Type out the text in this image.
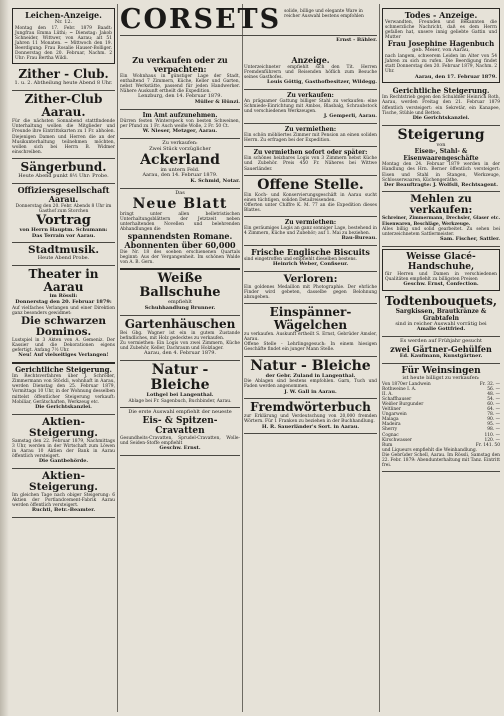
Leichen-Anzeige.
Nr. 12.
Montag den 17. Febr. 1879 Baadt: Jungfrau Emma Lüthi; ~ Dienstag: Jakob Schneider, Wittwer, von Aarau; alt 51 Jahren 11 Monaten. ~ Mittwoch den 19. Beerdigung: Frau Rosalie Hauser-Bolliger. Donnerstag den 20. Februar, Nachm. 2 Uhr: Frau Bertha Wildi.
Zither - Club.
1. u. 2. Abtheilung heute Abend 8 Uhr.
Zither-Club Aarau.
Für die nächsten Sonnabend stattfindende Unterhaltung wollen die Mitglieder und Freunde ihre Eintrittskarten zu 1 Fr. abholen. Diejenigen Damen und Herren die an der Musikunterhaltung teilnehmen möchten, wollen sich bei Herrn B. Widmer einschreiben.
Sängerbund.
Heute Abend punkt 8½ Uhr: Probe.
Offiziersgesellschaft Aarau.
Donnerstag den 20. Febr. Abends 8 Uhr im Gasthof zum Storchen
Vortrag
von Herrn Hauptm. Schumann:
Das Terrain vor Aarau.
Stadtmusik.
Heute Abend Probe.
Theater in Aarau
im Rössli:
Donnerstag den 20. Februar 1879:
Auf vielfaches Verlangen und einer Direktion ganz besonders gewidmet:
Die schwarzen Dominos.
Lustspiel in 3 Akten von A. Gemeniz. Der Kassier und die Dekorationen eigens gefertigt. Anfang 7½ Uhr.
Neu! Auf vielseitiges Verlangen!
Gerichtliche Steigerung.
Im Rechtsverfahren über J. Schröder, Zimmermann von Stöckli, wohnhaft in Aarau, werden Dienstag den 25. Februar 1879, Vormittags 10 Uhr, in der Wohnung desselben mittelst öffentlicher Steigerung verkauft: Mobiliar, Gerätschaften, Werkzeug etc.
Die Gerichtskanzlei.
Aktien-Steigerung.
Samstag den 22. Februar 1879, Nachmittags 3 Uhr, werden in der Wirtschaft zum Löwen in Aarau 10 Aktien der Bank in Aarau öffentlich versteigert.
Die Gantbehörde.
Aktien-Steigerung.
Im gleichen Tage nach obiger Steigerung: 6 Aktien der Portlandcement-Fabrik Aarau werden öffentlich versteigert.
Ruchti, Betr.-Beamter.
Zu verkaufen oder zu verpachten:
Ein Wohnhaus in günstiger Lage der Stadt, enthaltend 7 Zimmern, Küche, Keller und Garten, nebst Werkstätte, passend für jeden Handwerker. Nähere Auskunft ertheilt die Expedition.
Lenzburg, den 14. Februar 1879.
Müller & Hünzi.
Im Amt aufzunehmen.
Dürren festen Winterspeck von besten Schweinen, per Pfund zu 1 Fr. Auch weiße Wolle, 2 Fr. 50 Ct.
W. Nieser, Metzger, Aarau.
Zu verkaufen:
Zwei Stück vorzüglicher
Ackerland
im untern Feld.
Aarau, den 14. Februar 1879.
K. Schmid, Notar.
Das
Neue Blatt
bringt unter allen belletristischen Unterhaltungsblättern der Jetztzeit neben unterhaltenden Novellen und belehrenden Abhandlungen die
spannendsten Romane.
Abonnenten über 60,000
Die Nr. 18 des soeben erschienenen Quartals beginnt: Aus der Vergangenheit. Im schönen Walde von A. B. Gern.
Weiße Ballschuhe
empfiehlt
Schuhhandlung Brunner.
Gartenhäuschen
Bei Gbg. Wagner ist ein in gutem Zustande befindliches, mit Holz gedecktes zu verkaufen.
Zu vermiethen: Ein Logis von zwei Zimmern, Küche und Zubehör, Keller, Dachraum und Holzlager.
Aarau, den 4. Februar 1879.
Natur - Bleiche
Lothgel bei Langenthal.
Ablage bei Fr. Sagenbuch, Buchbinder, Aarau.
Die erste Auswahl empfiehlt der neueste
Eis- & Spitzen-Cravatten
Gesundheits-Cravatten, Sprudel-Cravatten, Wolle- und Seiden-Stoffe empfiehlt
Geschw. Ernst.
Anzeige.
Unterzeichneter empfiehlt sich den Tit. Herren Fremdenführern und Reisenden höflich zum Besuche seines Gasthofes.
Louis Göttig, Gasthofbesitzer, Wildegg.
Zu verkaufen:
An prägsamer Gattung billiger Stahl zu verkaufen: eine Schmiede-Einrichtung mit Ambos, Blasbalg, Schraubstock und verschiedenen Werkzeugen.
J. Gemperli, Aarau.
Zu vermiethen:
Ein schön möbliertes Zimmer mit Pension an einen soliden Herrn. Zu erfragen bei der Expedition.
Zu vermiethen sofort oder später:
Ein schönes heizbares Logis von 3 Zimmern nebst Küche und Zubehör. Preis 450 Fr. Näheres bei Wittwe Sauerländer.
Offene Stelle.
Ein Koch- und Konservierungsgeschäft in Aarau sucht einen tüchtigen, soliden Detailreisenden.
Offerten unter Chiffre K. M. 77 an die Expedition dieses Blattes.
Zu vermiethen:
Ein geräumiges Logis an ganz sonniger Lage, bestehend in 4 Zimmern, Küche und Zubehör; auf 1. Mai zu beziehen.
Bau-Bureau.
Frische Englische Biscuits
sind eingetroffen und empfiehlt dieselben bestens.
Heinrich Weber, Confiseur.
Verloren:
Ein goldenes Medaillon mit Photographie. Der ehrliche Finder wird gebeten, dasselbe gegen Belohnung abzugeben.
Einspänner-Wägelchen
zu verkaufen. Auskunft ertheilt S. Ernst, Gebrüder Amsler, Aarau.
Offene Stelle - Lehrlingsgesuch: In einem hiesigen Geschäfte findet ein junger Mann Stelle.
Natur - Bleiche
der Gebr. Zuland in Langenthal.
Die Ablagen sind bestens empfohlen. Garn, Tuch und Faden werden angenommen.
J. W. Gall in Aarau.
Fremdwörterbuch
zur Erklärung und Verdeutschung von 20,000 fremden Wörtern. Für 1 Franken zu beziehen in der Buchhandlung.
H. R. Sauerländer's Sort. in Aarau.
CORSETS solide, billige und elegante Ware in reicher Auswahl bestens empfohlen
Ernst - Bähler.
Todes - Anzeige.
Verwandten, Freunden und Bekannten die schmerzliche Nachricht, daß es dem Herrn gefallen hat, unsere innig geliebte Gattin und Mutter
Frau Josephine Hagenbuch
geb. Meier, von Aarau,
nach langem, schwerem Leiden im Alter von 54 Jahren zu sich zu rufen. Die Beerdigung findet statt Donnerstag den 20. Februar 1879, Nachm. 2 Uhr.
Aarau, den 17. Februar 1879.
Gerichtliche Steigerung.
Im Rechtstrieb gegen den Schuldner Heinrich Roth, Aarau, werden Freitag den 21. Februar 1879 öffentlich versteigert: ein Sekretär, ein Kanapee, Tische, Stühle und Betten.
Die Gerichtskanzlei.
Steigerung
von
Eisen-, Stahl- & Eisenwaarengeschäfte
Montag den 24. Februar 1879 werden in der Handlung des Hrn. Berner öffentlich versteigert: Eisen und Stahl in Stangen, Werkzeuge, Schlosserwaaren, Küchengeräthe.
Der Beauftragte: J. Wolfsli, Rechtsagent.
Mehlen zu verkaufen:
Schreiner, Zimmermann, Drechsler, Glaser etc. Eisenwaren, Beschläge, Werkzeuge.
Alles billig und solid gearbeitet. Zu sehen bei unterzeichnetem Sattlermeister.
Sam. Fischer, Sattler.
Weisse Glacé-Handschuhe,
für Herren und Damen in verschiedenen Qualitäten empfiehlt zu billigsten Preisen
Geschw. Ernst, Confection.
Todtenbouquets,
Sargkissen, Brautkränze & Grabtafeln
sind in reicher Auswahl vorrätig bei
Amalie Gottfried.
Es werden auf Frühjahr gesucht
zwei Gärtner-Gehülfen
Ed. Kaufmann, Kunstgärtner.
Für Weinsingen
ist heute billigst zu verkaufen:
Von 1870er Landwein	Fr. 32. —
Rothweine I. A.	56. —
II. A.	48. —
Schaffhauser	54. —
Weißer Burgunder	60. —
Veltliner	64. —
Ungarwein	78. —
Malaga	90. —
Madeira	95. —
Sherry	98. —
Cognac	110. —
Kirschwasser	120. —
Rum	Fr. 141. 50
und Liqueurs empfiehlt die Weinhandlung.
Die Gebrüder Schell, Aarau. Im Rössli, Samstag den 22. Febr. 1879: Abendunterhaltung mit Tanz. Eintritt frei.
